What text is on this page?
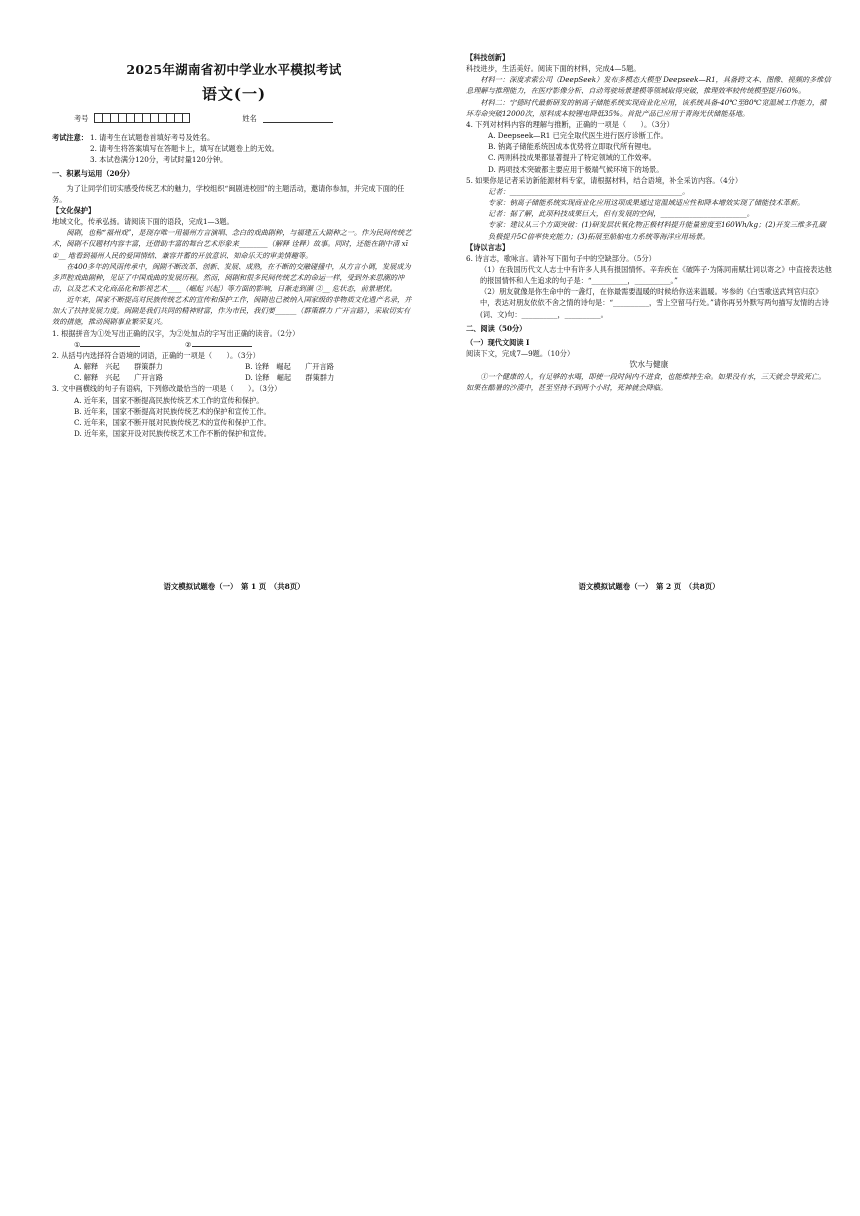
2025年湖南省初中学业水平模拟考试
语文(一)
考号	姓名
考试注意： 1. 请考生在试题卷首填好考号及姓名。
2. 请考生将答案填写在答题卡上，填写在试题卷上的无效。
3. 本试卷满分120分，考试时量120分钟。
一、积累与运用（20分）

为了让同学们切实感受传统艺术的魅力，学校组织“闽剧进校园”的主题活动，邀请你参加，并完成下面的任务。

【文化保护】
地域文化，传承弘扬。请阅读下面的语段，完成1—3题。

闽剧，也称“福州戏”，是现存唯一用福州方言演唱、念白的戏曲剧种，与福建五大剧种之一。作为民间传统艺术，闽剧不仅题材内容丰富，还借助丰富的舞台艺术形象来________（解释 诠释）故事。同时，还能在剧中清 xī ①__ 地看到福州人民的爱国情结、兼容并蓄的开放意识、知命乐天的审美情趣等。

在400多年的风雨传承中，闽剧不断改革、创新、发展、成熟，在不断的交融碰撞中，从方言小调，发展成为多声腔戏曲剧种，见证了中国戏曲的发展历程。然而，闽剧和很多民间传统艺术的命运一样，受到外来思潮的冲击，以及艺术文化商品化和影视艺术____（崛起 兴起）等方面的影响，日渐走到濒 ②__ 危状态，前景堪忧。

近年来，国家不断提高对民族传统艺术的宣传和保护工作，闽剧也已被纳入国家级的非物质文化遗产名录，并加大了扶持发展力度。闽剧是我们共同的精神财富，作为市民，我们要______（群策群力 广开言路），采取切实有效的措施，推动闽剧事业繁荣复兴。

1. 根据拼音为①处写出正确的汉字，为②处加点的字写出正确的读音。（2分）
①	②
2. 从括号内选择符合语境的词语，正确的一项是（　　）。（3分）
A. 解释　兴起　　群策群力	B. 诠释　崛起　　广开言路
C. 解释　兴起　　广开言路	D. 诠释　崛起　　群策群力
3. 文中画横线的句子有语病，下列修改最恰当的一项是（　　）。（3分）
A. 近年来，国家不断提高民族传统艺术工作的宣传和保护。
B. 近年来，国家不断提高对民族传统艺术的保护和宣传工作。
C. 近年来，国家不断开展对民族传统艺术的宣传和保护工作。
D. 近年来，国家开设对民族传统艺术工作不断的保护和宣传。
语文模拟试题卷（一）　第 1 页　（共8页）
【科技创新】
科技进步，生活美好。阅读下面的材料，完成4—5题。

材料一：深度求索公司（DeepSeek）发布多模态大模型 Deepseek—R1，具备跨文本、图像、视频的多维信息理解与推理能力，在医疗影像分析、自动驾驶场景建模等领域取得突破，推理效率较传统模型提升60%。

材料二：宁德时代最新研发的钠离子储能系统实现商业化应用，该系统具备-40℃至80℃宽温域工作能力，循环寿命突破12000次，原料成本较锂电降低35%。首批产品已应用于青海光伏储能基地。

4. 下列对材料内容的理解与推断，正确的一项是（　　）。（3分）
A. Deepseek—R1 已完全取代医生进行医疗诊断工作。
B. 钠离子储能系统因成本优势将立即取代所有锂电。
C. 两则科技成果都显著提升了特定领域的工作效率。
D. 两项技术突破都主要应用于极端气候环境下的场景。
5. 如果你是记者采访新能源材料专家，请根据材料，结合语境，补全采访内容。（4分）
记者：________________________________________________。
专家：钠离子储能系统实现商业化应用这项成果通过宽温域适应性和降本增效实现了储能技术革新。
记者：据了解，此项科技成果巨大，但有发展的空间，________________________。
专家：建议从三个方面突破：(1)研发层状氧化物正极材料提升能量密度至160Wh/kg；(2)开发三维多孔碳负极提升5C倍率快充能力；(3)拓展至船舶电力系统等海洋应用场景。
【诗以言志】
6. 诗言志，歌咏言。请补写下面句子中的空缺部分。（5分）
（1）在我国历代文人志士中有许多人具有报国情怀。辛弃疾在《破阵子·为陈同甫赋壮词以寄之》中直接表达他的报国情怀和人生追求的句子是：“__________，__________。”
（2）朋友就像是你生命中的一盏灯，在你最需要温暖的时候给你送来温暖。岑参的《白雪歌送武判官归京》中，表达对朋友依依不舍之情的诗句是：“__________，雪上空留马行处。”请你再另外默写两句描写友情的古诗(词、文)句：__________，__________。
二、阅读（50分）
（一）现代文阅读 I
阅读下文，完成7—9题。（10分）
饮水与健康

①一个健康的人，有足够的水喝，即使一段时间内不进食，也能维持生命。如果没有水，三天就会导致死亡。如果在酷暑的沙漠中，甚至坚持不到两个小时，死神就会降临。

语文模拟试题卷（一）　第 2 页　（共8页）
